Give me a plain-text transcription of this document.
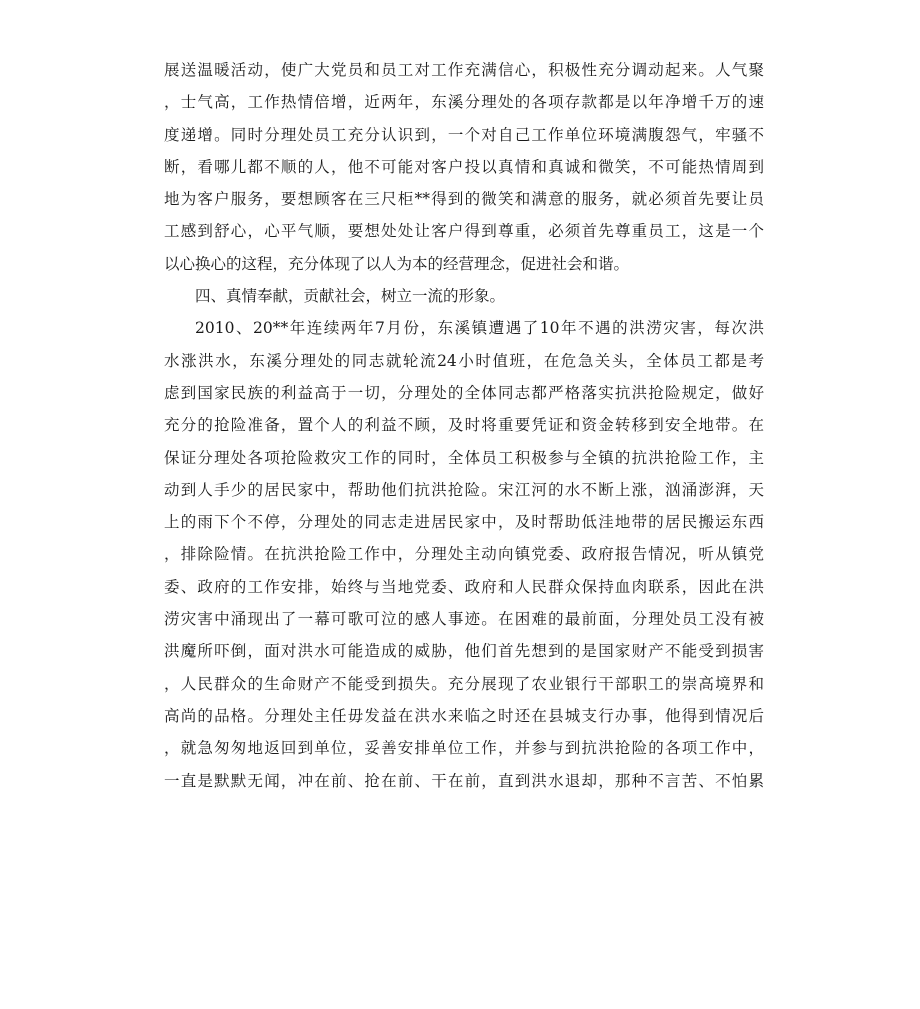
展送温暖活动，使广大党员和员工对工作充满信心，积极性充分调动起来。人气聚
，士气高，工作热情倍增，近两年，东溪分理处的各项存款都是以年净增千万的速
度递增。同时分理处员工充分认识到，一个对自己工作单位环境满腹怨气，牢骚不
断，看哪儿都不顺的人，他不可能对客户投以真情和真诚和微笑，不可能热情周到
地为客户服务，要想顾客在三尺柜**得到的微笑和满意的服务，就必须首先要让员
工感到舒心，心平气顺，要想处处让客户得到尊重，必须首先尊重员工，这是一个
以心换心的这程，充分体现了以人为本的经营理念，促进社会和谐。
四、真情奉献，贡献社会，树立一流的形象。
2010、20**年连续两年7月份，东溪镇遭遇了10年不遇的洪涝灾害，每次洪
水涨洪水，东溪分理处的同志就轮流24小时值班，在危急关头，全体员工都是考
虑到国家民族的利益高于一切，分理处的全体同志都严格落实抗洪抢险规定，做好
充分的抢险准备，置个人的利益不顾，及时将重要凭证和资金转移到安全地带。在
保证分理处各项抢险救灾工作的同时，全体员工积极参与全镇的抗洪抢险工作，主
动到人手少的居民家中，帮助他们抗洪抢险。宋江河的水不断上涨，汹涌澎湃，天
上的雨下个不停，分理处的同志走进居民家中，及时帮助低洼地带的居民搬运东西
，排除险情。在抗洪抢险工作中，分理处主动向镇党委、政府报告情况，听从镇党
委、政府的工作安排，始终与当地党委、政府和人民群众保持血肉联系，因此在洪
涝灾害中涌现出了一幕可歌可泣的感人事迹。在困难的最前面，分理处员工没有被
洪魔所吓倒，面对洪水可能造成的威胁，他们首先想到的是国家财产不能受到损害
，人民群众的生命财产不能受到损失。充分展现了农业银行干部职工的崇高境界和
高尚的品格。分理处主任毋发益在洪水来临之时还在县城支行办事，他得到情况后
，就急匆匆地返回到单位，妥善安排单位工作，并参与到抗洪抢险的各项工作中，
一直是默默无闻，冲在前、抢在前、干在前，直到洪水退却，那种不言苦、不怕累
